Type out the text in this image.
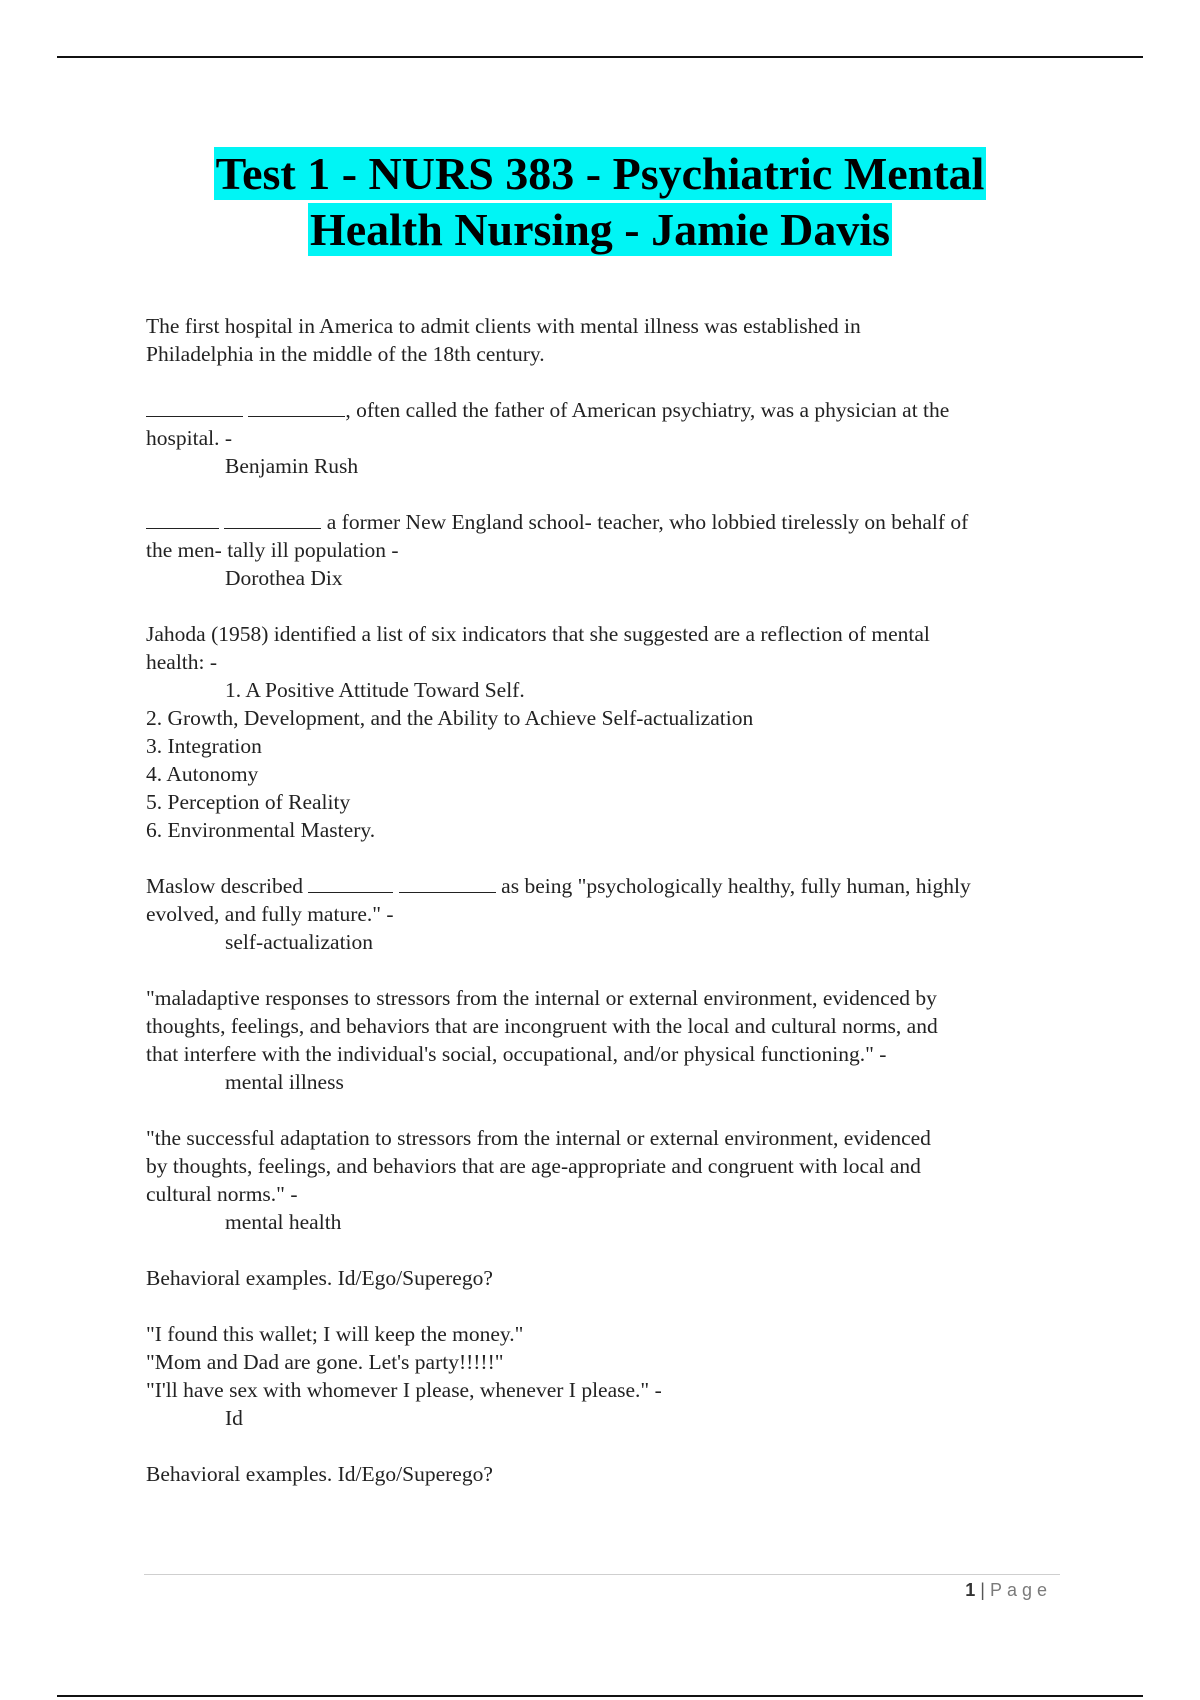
Test 1 - NURS 383 - Psychiatric Mental
Health Nursing - Jamie Davis
The first hospital in America to admit clients with mental illness was established in
Philadelphia in the middle of the 18th century.
, often called the father of American psychiatry, was a physician at the
hospital. -
Benjamin Rush
a former New England school- teacher, who lobbied tirelessly on behalf of
the men- tally ill population -
Dorothea Dix
Jahoda (1958) identified a list of six indicators that she suggested are a reflection of mental
health: -
1. A Positive Attitude Toward Self.
2. Growth, Development, and the Ability to Achieve Self-actualization
3. Integration
4. Autonomy
5. Perception of Reality
6. Environmental Mastery.
Maslow described	as being "psychologically healthy, fully human, highly
evolved, and fully mature." -
self-actualization
"maladaptive responses to stressors from the internal or external environment, evidenced by
thoughts, feelings, and behaviors that are incongruent with the local and cultural norms, and
that interfere with the individual's social, occupational, and/or physical functioning." -
mental illness
"the successful adaptation to stressors from the internal or external environment, evidenced
by thoughts, feelings, and behaviors that are age-appropriate and congruent with local and
cultural norms." -
mental health
Behavioral examples. Id/Ego/Superego?
"I found this wallet; I will keep the money."
"Mom and Dad are gone. Let's party!!!!!"
"I'll have sex with whomever I please, whenever I please." -
Id
Behavioral examples. Id/Ego/Superego?
1 | Page
